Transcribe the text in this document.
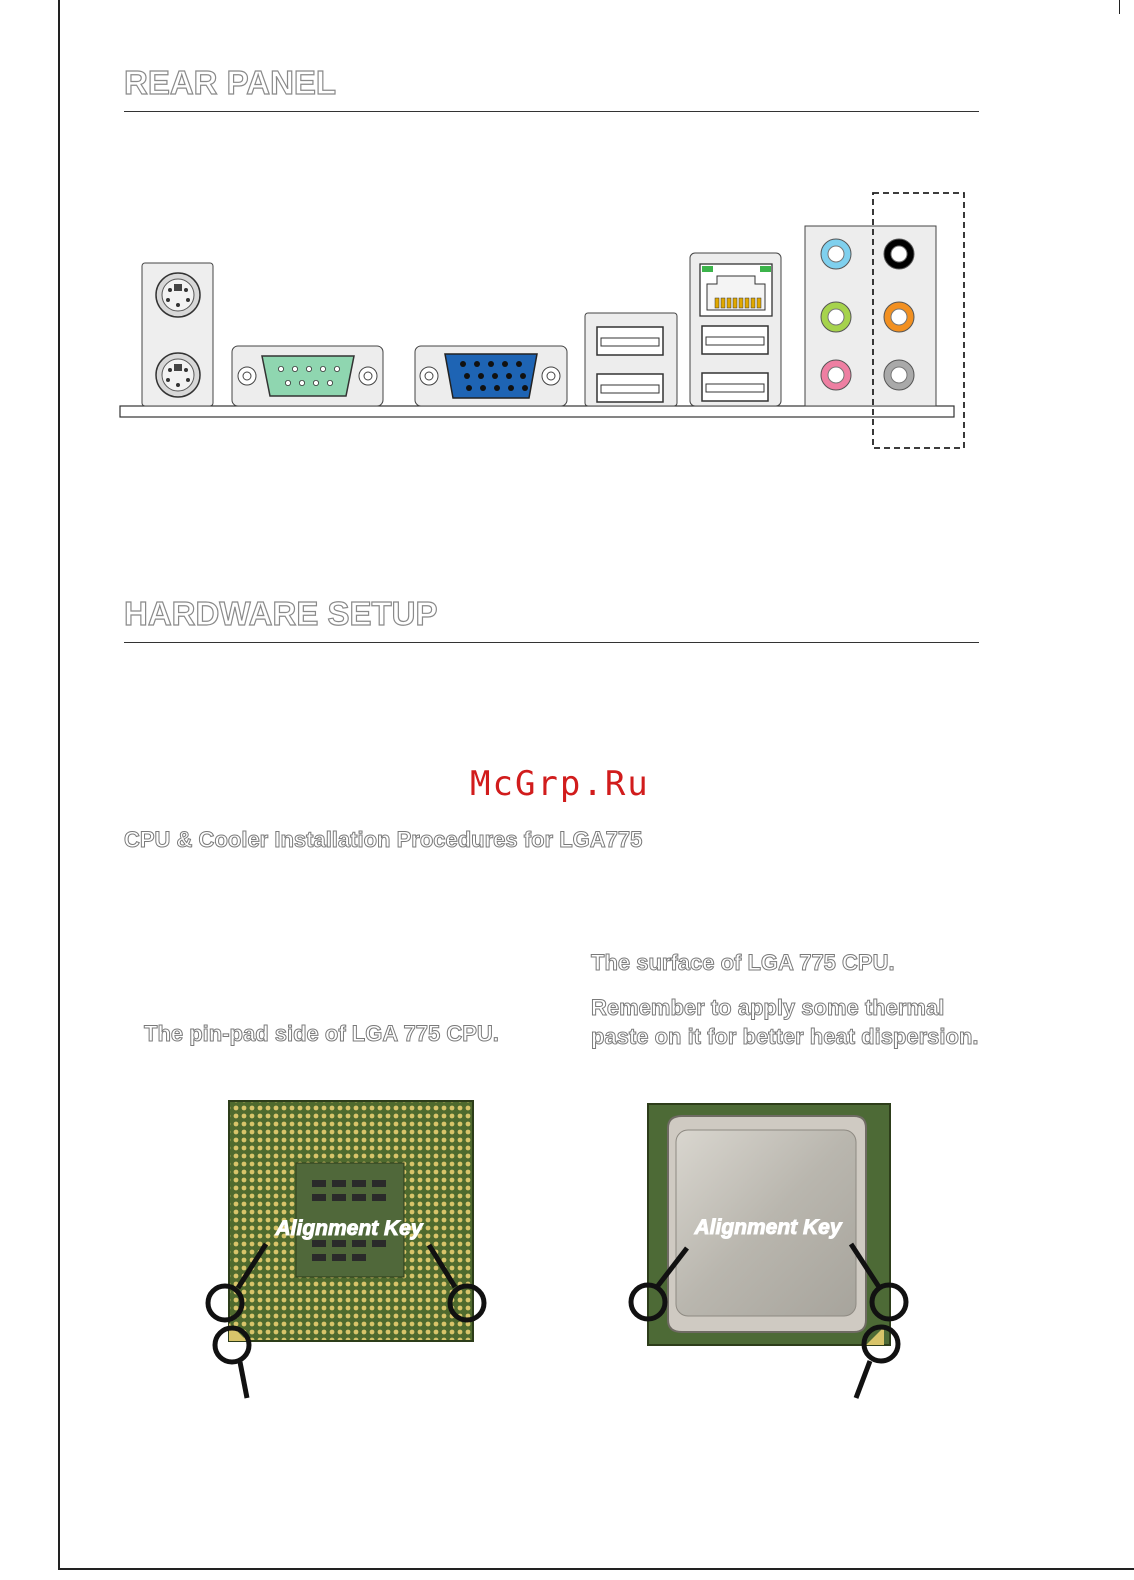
REAR PANEL
HARDWARE SETUP
McGrp.Ru

CPU & Cooler Installation Procedures for LGA775

The surface of LGA 775 CPU.

Remember to apply some thermal

paste on it for better heat dispersion.

The pin-pad side of LGA 775 CPU.

Alignment Key	Alignment Key
